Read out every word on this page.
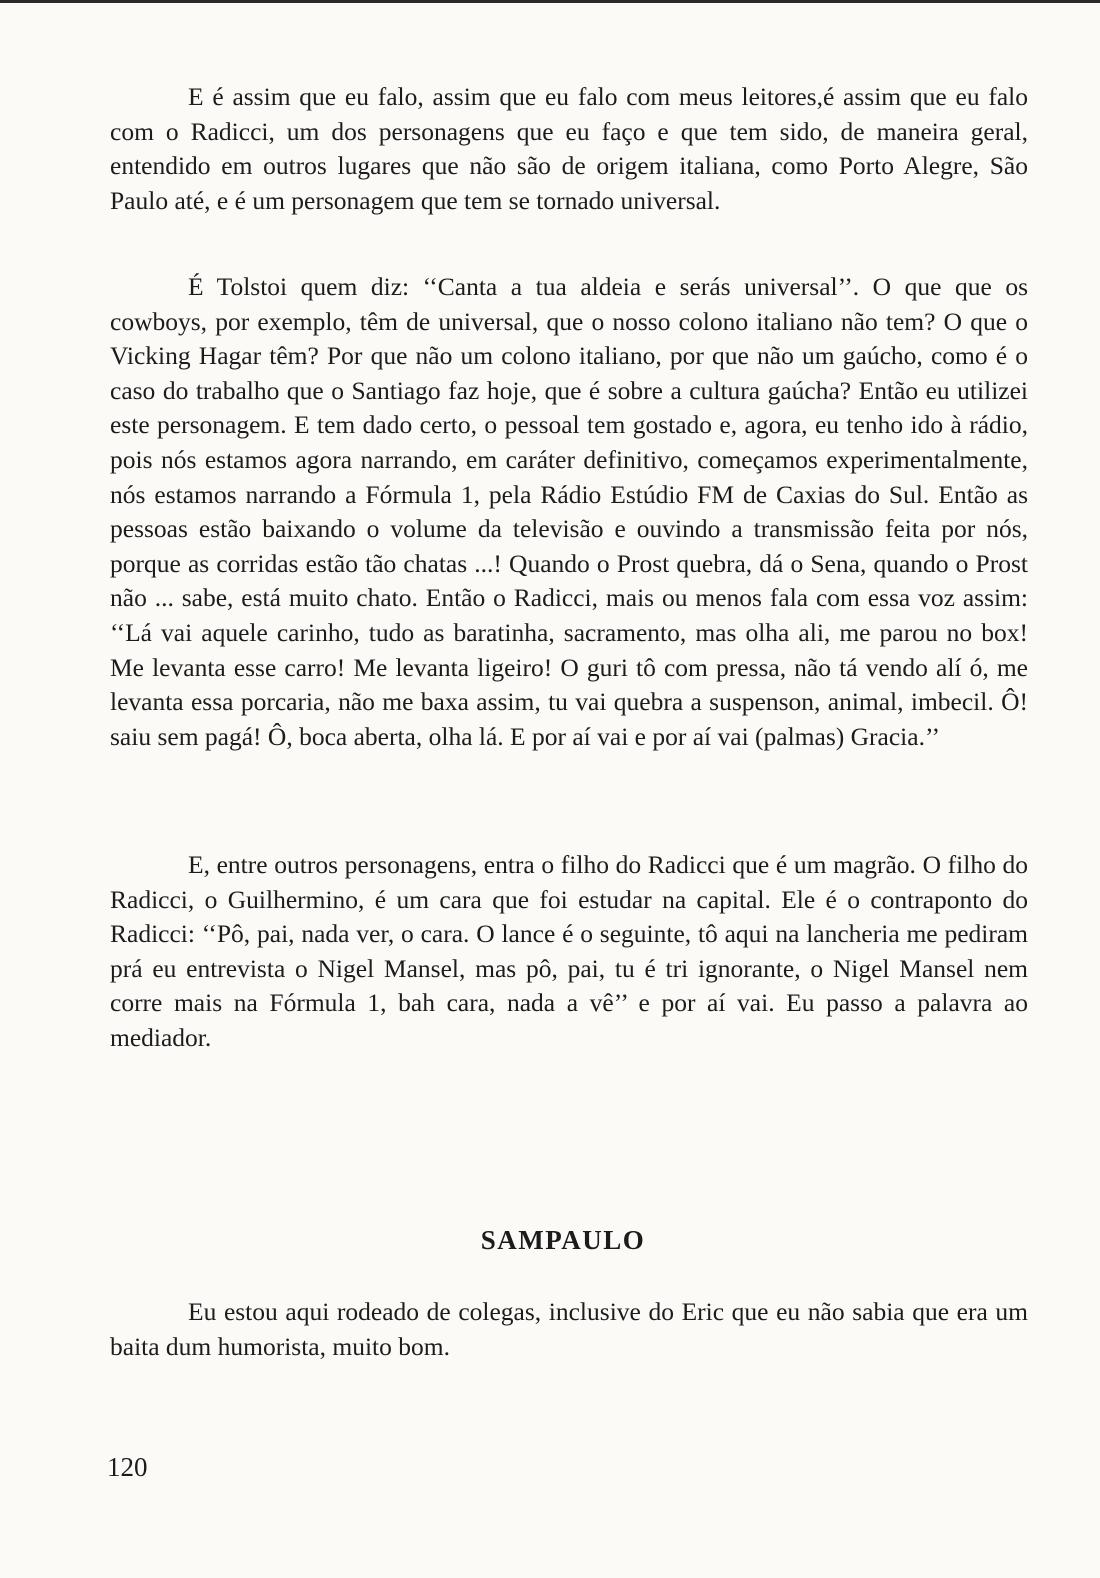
E é assim que eu falo, assim que eu falo com meus leitores,é assim que eu falo com o Radicci, um dos personagens que eu faço e que tem sido, de maneira geral, entendido em outros lugares que não são de origem italiana, como Porto Alegre, São Paulo até, e é um personagem que tem se tornado universal.

É Tolstoi quem diz: ‘‘Canta a tua aldeia e serás universal’’. O que que os cowboys, por exemplo, têm de universal, que o nosso colono italiano não tem? O que o Vicking Hagar têm? Por que não um colono italiano, por que não um gaúcho, como é o caso do trabalho que o Santiago faz hoje, que é sobre a cultura gaúcha? Então eu utilizei este personagem. E tem dado certo, o pessoal tem gostado e, agora, eu tenho ido à rádio, pois nós estamos agora narrando, em caráter definitivo, começamos experimentalmente, nós estamos narrando a Fórmula 1, pela Rádio Estúdio FM de Caxias do Sul. Então as pessoas estão baixando o volume da televisão e ouvindo a transmissão feita por nós, porque as corridas estão tão chatas ...! Quando o Prost quebra, dá o Sena, quando o Prost não ... sabe, está muito chato. Então o Radicci, mais ou menos fala com essa voz assim: ‘‘Lá vai aquele carinho, tudo as baratinha, sacramento, mas olha ali, me parou no box! Me levanta esse carro! Me levanta ligeiro! O guri tô com pressa, não tá vendo alí ó, me levanta essa porcaria, não me baxa assim, tu vai quebra a suspenson, animal, imbecil. Ô! saiu sem pagá! Ô, boca aberta, olha lá. E por aí vai e por aí vai (palmas) Gracia.’’

E, entre outros personagens, entra o filho do Radicci que é um magrão. O filho do Radicci, o Guilhermino, é um cara que foi estudar na capital. Ele é o contraponto do Radicci: ‘‘Pô, pai, nada ver, o cara. O lance é o seguinte, tô aqui na lancheria me pediram prá eu entrevista o Nigel Mansel, mas pô, pai, tu é tri ignorante, o Nigel Mansel nem corre mais na Fórmula 1, bah cara, nada a vê’’ e por aí vai. Eu passo a palavra ao mediador.

SAMPAULO

Eu estou aqui rodeado de colegas, inclusive do Eric que eu não sabia que era um baita dum humorista, muito bom.

120
